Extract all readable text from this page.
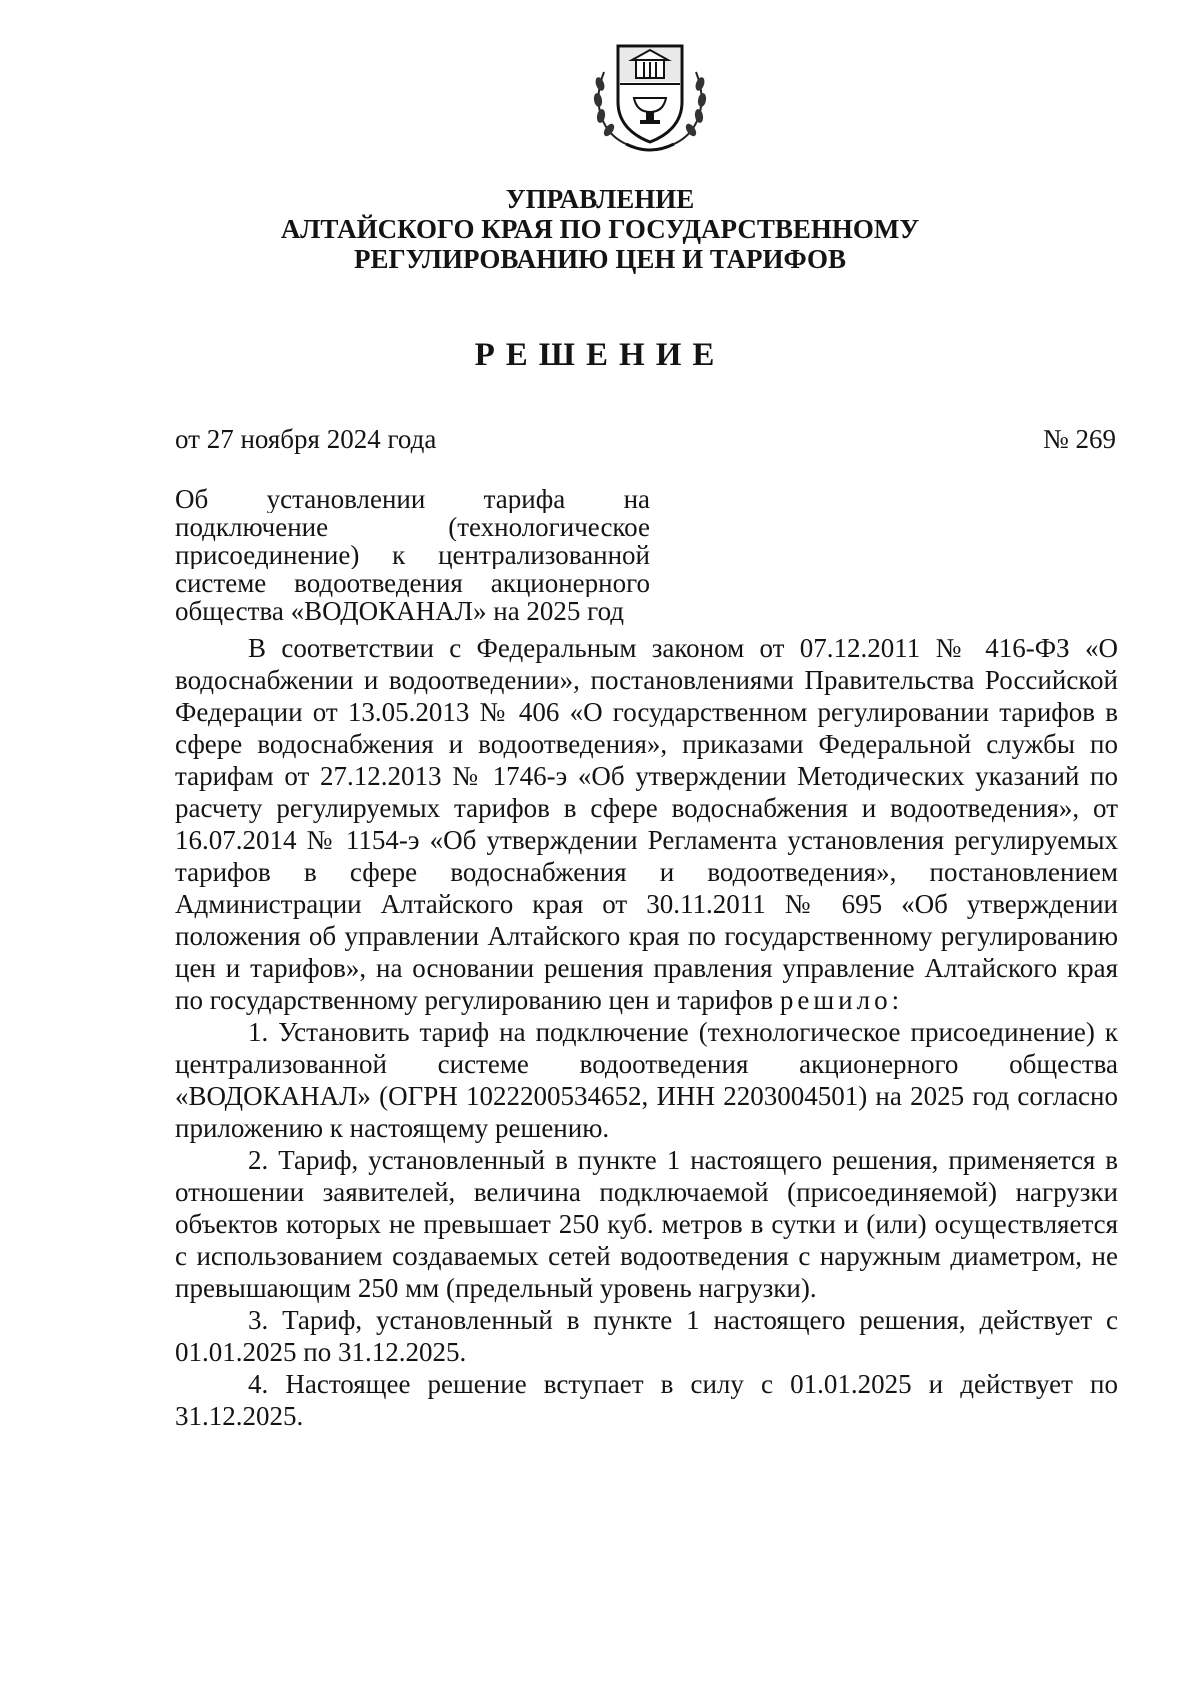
УПРАВЛЕНИЕ
АЛТАЙСКОГО КРАЯ ПО ГОСУДАРСТВЕННОМУ
РЕГУЛИРОВАНИЮ ЦЕН И ТАРИФОВ
РЕШЕНИЕ
от 27 ноября 2024 года	№ 269
Об установлении тарифа на
подключение (технологическое
присоединение) к централизованной
системе водоотведения акционерного
общества «ВОДОКАНАЛ» на 2025 год

В соответствии с Федеральным законом от 07.12.2011 № 416-ФЗ «О водоснабжении и водоотведении», постановлениями Правительства Российской Федерации от 13.05.2013 № 406 «О государственном регулировании тарифов в сфере водоснабжения и водоотведения», приказами Федеральной службы по тарифам от 27.12.2013 № 1746-э «Об утверждении Методических указаний по расчету регулируемых тарифов в сфере водоснабжения и водоотведения», от 16.07.2014 № 1154-э «Об утверждении Регламента установления регулируемых тарифов в сфере водоснабжения и водоотведения», постановлением Администрации Алтайского края от 30.11.2011 № 695 «Об утверждении положения об управлении Алтайского края по государственному регулированию цен и тарифов», на основании решения правления управление Алтайского края по государственному регулированию цен и тарифов решило:

1. Установить тариф на подключение (технологическое присоединение) к централизованной системе водоотведения акционерного общества «ВОДОКАНАЛ» (ОГРН 1022200534652, ИНН 2203004501) на 2025 год согласно приложению к настоящему решению.

2. Тариф, установленный в пункте 1 настоящего решения, применяется в отношении заявителей, величина подключаемой (присоединяемой) нагрузки объектов которых не превышает 250 куб. метров в сутки и (или) осуществляется с использованием создаваемых сетей водоотведения с наружным диаметром, не превышающим 250 мм (предельный уровень нагрузки).

3. Тариф, установленный в пункте 1 настоящего решения, действует с 01.01.2025 по 31.12.2025.

4. Настоящее решение вступает в силу с 01.01.2025 и действует по 31.12.2025.
